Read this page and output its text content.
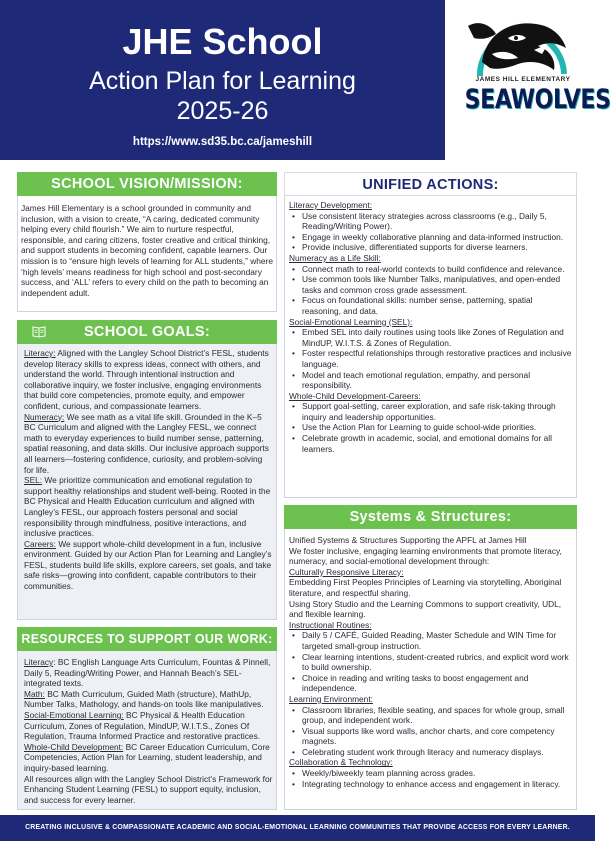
JHE School
Action Plan for Learning
2025-26
https://www.sd35.bc.ca/jameshill
JAMES HILL ELEMENTARY
SEAWOLVES
SCHOOL VISION/MISSION:
James Hill Elementary is a school grounded in community and inclusion, with a vision to create, “A caring, dedicated community helping every child flourish.” We aim to nurture respectful, responsible, and caring citizens, foster creative and critical thinking, and support students in becoming confident, capable learners. Our mission is to “ensure high levels of learning for ALL students,” where ‘high levels’ means readiness for high school and post-secondary success, and ‘ALL’ refers to every child on the path to becoming an independent adult.
SCHOOL GOALS:

Literacy: Aligned with the Langley School District’s FESL, students develop literacy skills to express ideas, connect with others, and understand the world. Through intentional instruction and collaborative inquiry, we foster inclusive, engaging environments that build core competencies, promote equity, and empower confident, curious, and compassionate learners.

Numeracy: We see math as a vital life skill. Grounded in the K–5 BC Curriculum and aligned with the Langley FESL, we connect math to everyday experiences to build number sense, patterning, spatial reasoning, and data skills. Our inclusive approach supports all learners—fostering confidence, curiosity, and problem-solving for life.

SEL: We prioritize communication and emotional regulation to support healthy relationships and student well-being. Rooted in the BC Physical and Health Education curriculum and aligned with Langley’s FESL, our approach fosters personal and social responsibility through mindfulness, positive interactions, and inclusive practices.

Careers: We support whole-child development in a fun, inclusive environment. Guided by our Action Plan for Learning and Langley’s FESL, students build life skills, explore careers, set goals, and take safe risks—growing into confident, capable contributors to their communities.

RESOURCES TO SUPPORT OUR WORK:

Literacy: BC English Language Arts Curriculum, Fountas & Pinnell, Daily 5, Reading/Writing Power, and Hannah Beach’s SEL-integrated texts.

Math: BC Math Curriculum, Guided Math (structure), MathUp, Number Talks, Mathology, and hands-on tools like manipulatives.

Social-Emotional Learning: BC Physical & Health Education Curriculum, Zones of Regulation, MindUP, W.I.T.S., Zones Of Regulation, Trauma Informed Practice and restorative practices.

Whole-Child Development: BC Career Education Curriculum, Core Competencies, Action Plan for Learning, student leadership, and inquiry-based learning.

All resources align with the Langley School District’s Framework for Enhancing Student Learning (FESL) to support equity, inclusion, and success for every learner.

UNIFIED ACTIONS:

Literacy Development:

• Use consistent literacy strategies across classrooms (e.g., Daily 5, Reading/Writing Power).
• Engage in weekly collaborative planning and data-informed instruction.
• Provide inclusive, differentiated supports for diverse learners.

Numeracy as a Life Skill:

• Connect math to real-world contexts to build confidence and relevance.
• Use common tools like Number Talks, manipulatives, and open-ended tasks and common cross grade assessment.
• Focus on foundational skills: number sense, patterning, spatial reasoning, and data.

Social-Emotional Learning (SEL):

• Embed SEL into daily routines using tools like Zones of Regulation and MindUP, W.I.T.S. & Zones of Regulation.
• Foster respectful relationships through restorative practices and inclusive language.
• Model and teach emotional regulation, empathy, and personal responsibility.

Whole-Child Development-Careers:

• Support goal-setting, career exploration, and safe risk-taking through inquiry and leadership opportunities.
• Use the Action Plan for Learning to guide school-wide priorities.
• Celebrate growth in academic, social, and emotional domains for all learners.
Systems & Structures:

Unified Systems & Structures Supporting the APFL at James Hill

We foster inclusive, engaging learning environments that promote literacy, numeracy, and social-emotional development through:

Culturally Responsive Literacy:

Embedding First Peoples Principles of Learning via storytelling, Aboriginal literature, and respectful sharing.

Using Story Studio and the Learning Commons to support creativity, UDL, and flexible learning.

Instructional Routines:

• Daily 5 / CAFÉ, Guided Reading, Master Schedule and WIN Time for targeted small-group instruction.
• Clear learning intentions, student-created rubrics, and explicit word work to build ownership.
• Choice in reading and writing tasks to boost engagement and independence.

Learning Environment:

• Classroom libraries, flexible seating, and spaces for whole group, small group, and independent work.
• Visual supports like word walls, anchor charts, and core competency magnets.
• Celebrating student work through literacy and numeracy displays.

Collaboration & Technology:

• Weekly/biweekly team planning across grades.
• Integrating technology to enhance access and engagement in literacy.
CREATING INCLUSIVE & COMPASSIONATE ACADEMIC AND SOCIAL-EMOTIONAL LEARNING COMMUNITIES THAT PROVIDE ACCESS FOR EVERY LEARNER.
